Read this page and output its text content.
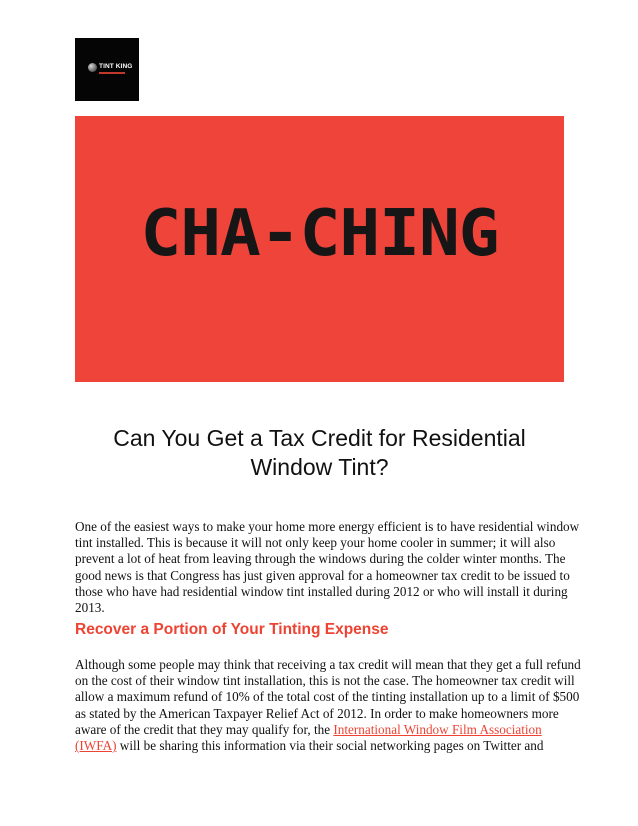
TINT KING
CHA-CHING
Can You Get a Tax Credit for Residential
Window Tint?

One of the easiest ways to make your home more energy efficient is to have residential window
tint installed. This is because it will not only keep your home cooler in summer; it will also
prevent a lot of heat from leaving through the windows during the colder winter months. The
good news is that Congress has just given approval for a homeowner tax credit to be issued to
those who have had residential window tint installed during 2012 or who will install it during
2013.

Recover a Portion of Your Tinting Expense

Although some people may think that receiving a tax credit will mean that they get a full refund
on the cost of their window tint installation, this is not the case. The homeowner tax credit will
allow a maximum refund of 10% of the total cost of the tinting installation up to a limit of $500
as stated by the American Taxpayer Relief Act of 2012. In order to make homeowners more
aware of the credit that they may qualify for, the International Window Film Association
(IWFA) will be sharing this information via their social networking pages on Twitter and
